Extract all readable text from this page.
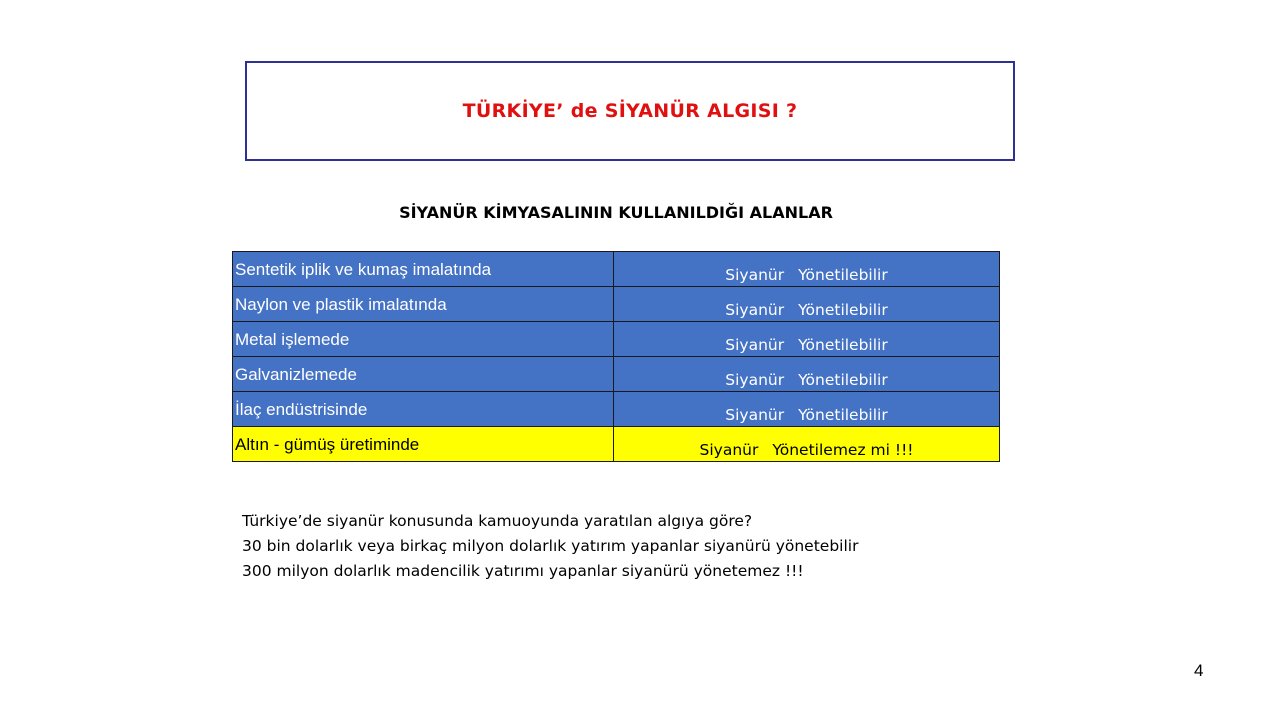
TÜRKİYE’ de SİYANÜR ALGISI ?
SİYANÜR KİMYASALININ KULLANILDIĞI ALANLAR
Sentetik iplik ve kumaş imalatında	Siyanür Yönetilebilir
Naylon ve plastik imalatında	Siyanür Yönetilebilir
Metal işlemede	Siyanür Yönetilebilir
Galvanizlemede	Siyanür Yönetilebilir
İlaç endüstrisinde	Siyanür Yönetilebilir
Altın - gümüş üretiminde	Siyanür Yönetilemez mi !!!
Türkiye’de siyanür konusunda kamuoyunda yaratılan algıya göre?
30 bin dolarlık veya birkaç milyon dolarlık yatırım yapanlar siyanürü yönetebilir
300 milyon dolarlık madencilik yatırımı yapanlar siyanürü yönetemez !!!
4
